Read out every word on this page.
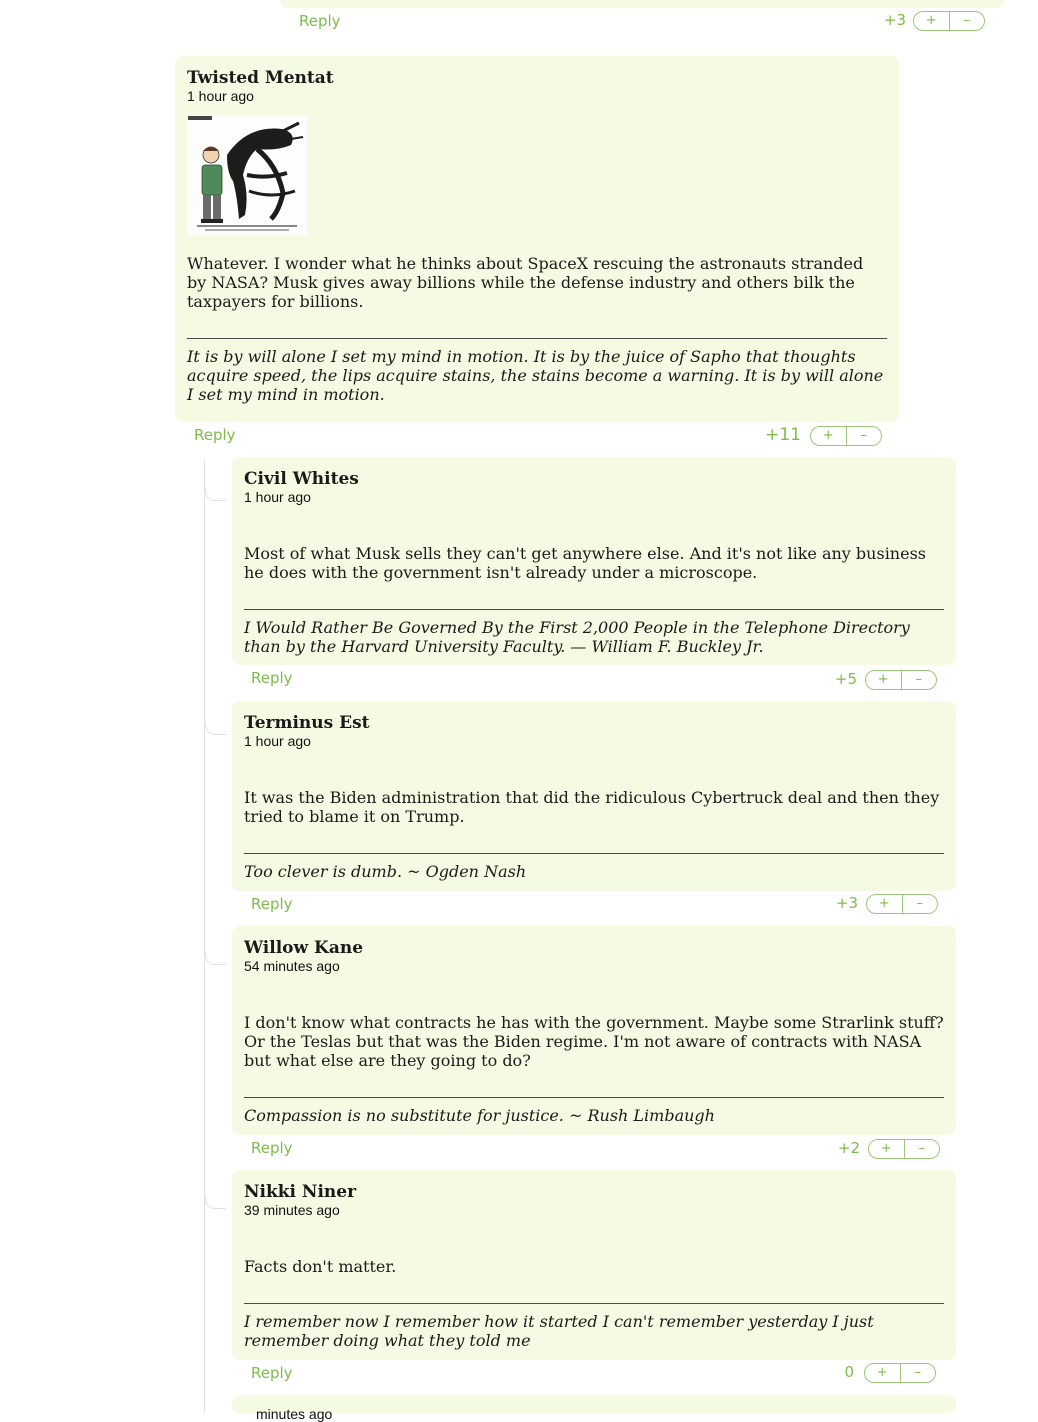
Reply	+3	+	–
Twisted Mentat
1 hour ago

Whatever. I wonder what he thinks about SpaceX rescuing the astronauts stranded by NASA? Musk gives away billions while the defense industry and others bilk the taxpayers for billions.

It is by will alone I set my mind in motion. It is by the juice of Sapho that thoughts acquire speed, the lips acquire stains, the stains become a warning. It is by will alone I set my mind in motion.

Reply	+11	+	–
Civil Whites
1 hour ago

Most of what Musk sells they can't get anywhere else. And it's not like any business he does with the government isn't already under a microscope.

I Would Rather Be Governed By the First 2,000 People in the Telephone Directory than by the Harvard University Faculty. — William F. Buckley Jr.

Reply	+5	+	–
Terminus Est
1 hour ago

It was the Biden administration that did the ridiculous Cybertruck deal and then they tried to blame it on Trump.

Too clever is dumb. ~ Ogden Nash

Reply	+3	+	–
Willow Kane
54 minutes ago

I don't know what contracts he has with the government. Maybe some Strarlink stuff? Or the Teslas but that was the Biden regime. I'm not aware of contracts with NASA but what else are they going to do?

Compassion is no substitute for justice. ~ Rush Limbaugh

Reply	+2	+	–
Nikki Niner
39 minutes ago

Facts don't matter.

I remember now I remember how it started I can't remember yesterday I just remember doing what they told me

Reply	0	+	–
minutes ago
